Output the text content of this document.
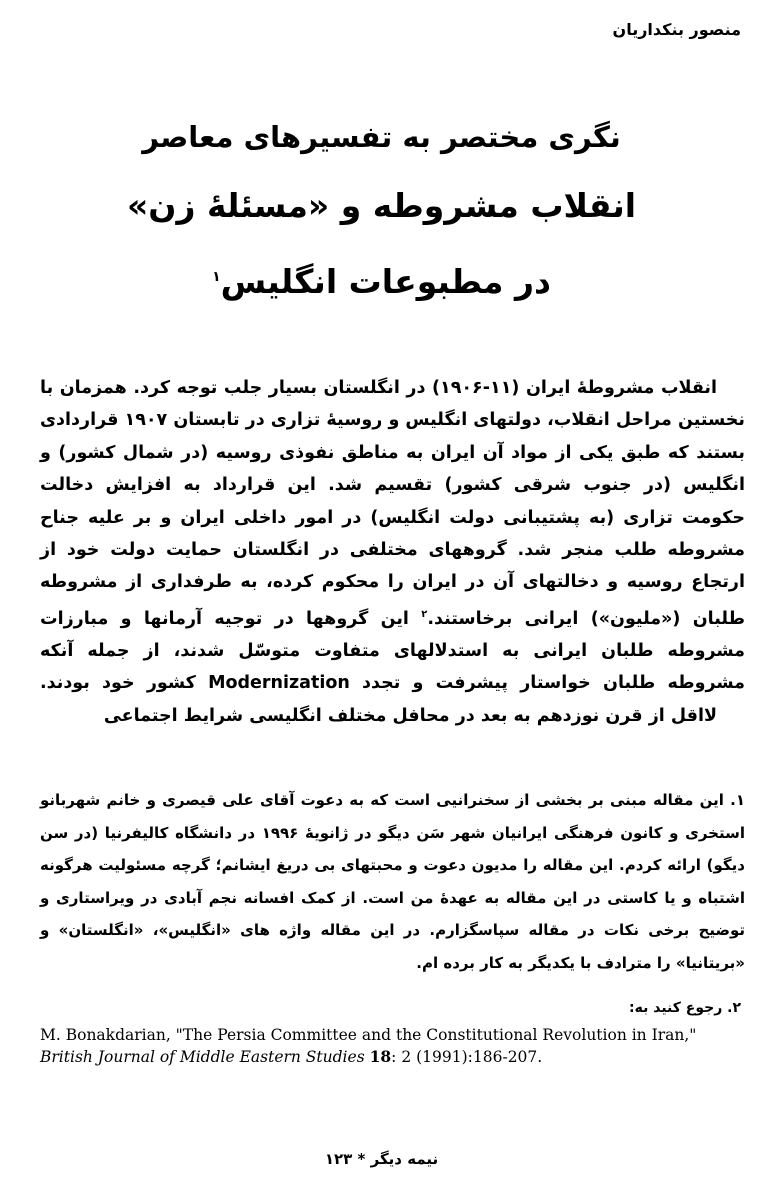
منصور بنکداریان
نگری مختصر به تفسیرهای معاصر
انقلاب مشروطه و «مسئلهٔ زن»
در مطبوعات انگلیس$^۱$

انقلاب مشروطهٔ ایران (۱۱-۱۹۰۶) در انگلستان بسیار جلب توجه کرد. همزمان با نخستین مراحل انقلاب، دولتهای انگلیس و روسیهٔ تزاری در تابستان ۱۹۰۷ قراردادی بستند که طبق یکی از مواد آن ایران به مناطق نفوذی روسیه (در شمال کشور) و انگلیس (در جنوب شرقی کشور) تقسیم شد. این قرارداد به افزایش دخالت حکومت تزاری (به پشتیبانی دولت انگلیس) در امور داخلی ایران و بر علیه جناح مشروطه طلب منجر شد. گروههای مختلفی در انگلستان حمایت دولت خود از ارتجاع روسیه و دخالتهای آن در ایران را محکوم کرده، به طرفداری از مشروطه طلبان («ملیون») ایرانی برخاستند.$^۲$ این گروهها در توجیه آرمانها و مبارزات مشروطه طلبان ایرانی به استدلالهای متفاوت متوسّل شدند، از جمله آنکه مشروطه طلبان خواستار پیشرفت و تجدد Modernization کشور خود بودند.

لااقل از قرن نوزدهم به بعد در محافل مختلف انگلیسی شرایط اجتماعی

۱. این مقاله مبنی بر بخشی از سخنرانیی است که به دعوت آقای علی قیصری و خانم شهربانو استخری و کانون فرهنگی ایرانیان شهر سَن دیگو در ژانویهٔ ۱۹۹۶ در دانشگاه کالیفرنیا (در سن دیگو) ارائه کردم. این مقاله را مدیون دعوت و محبتهای بی دریغ ایشانم؛ گرچه مسئولیت هرگونه اشتباه و یا کاستی در این مقاله به عهدهٔ من است. از کمک افسانه نجم آبادی در ویراستاری و توضیح برخی نکات در مقاله سپاسگزارم. در این مقاله واژه های «انگلیس»، «انگلستان» و «بریتانیا» را مترادف با یکدیگر به کار برده ام.

۲. رجوع کنید به:
M. Bonakdarian, "The Persia Committee and the Constitutional Revolution in Iran," British Journal of Middle Eastern Studies 18: 2 (1991):186-207.
نیمه دیگر * ۱۲۳
